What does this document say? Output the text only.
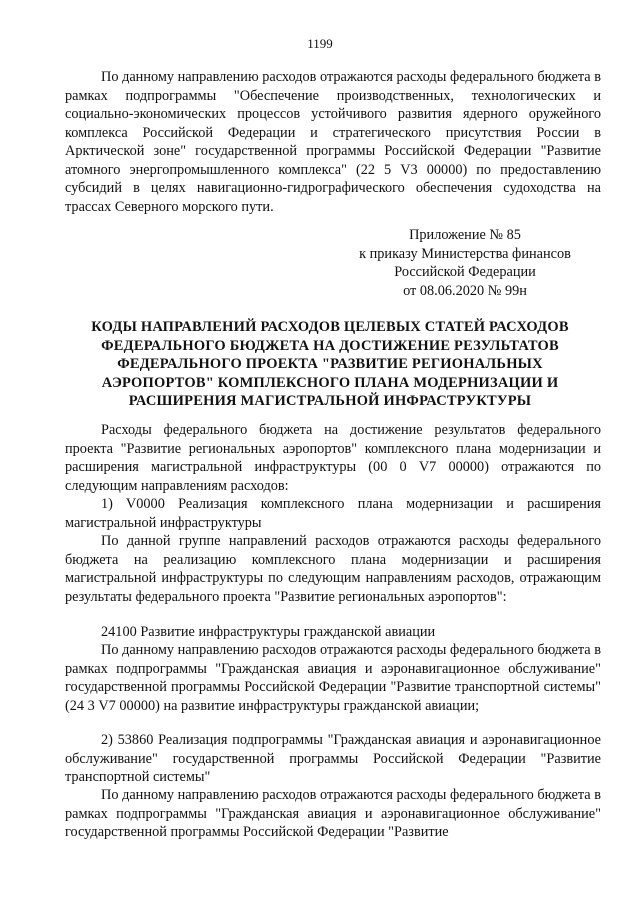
1199
По данному направлению расходов отражаются расходы федерального бюджета в рамках подпрограммы "Обеспечение производственных, технологических и социально-экономических процессов устойчивого развития ядерного оружейного комплекса Российской Федерации и стратегического присутствия России в Арктической зоне" государственной программы Российской Федерации "Развитие атомного энергопромышленного комплекса" (22 5 V3 00000) по предоставлению субсидий в целях навигационно-гидрографического обеспечения судоходства на трассах Северного морского пути.
Приложение № 85
к приказу Министерства финансов
Российской Федерации
от 08.06.2020 № 99н
КОДЫ НАПРАВЛЕНИЙ РАСХОДОВ ЦЕЛЕВЫХ СТАТЕЙ РАСХОДОВ ФЕДЕРАЛЬНОГО БЮДЖЕТА НА ДОСТИЖЕНИЕ РЕЗУЛЬТАТОВ ФЕДЕРАЛЬНОГО ПРОЕКТА "РАЗВИТИЕ РЕГИОНАЛЬНЫХ АЭРОПОРТОВ" КОМПЛЕКСНОГО ПЛАНА МОДЕРНИЗАЦИИ И РАСШИРЕНИЯ МАГИСТРАЛЬНОЙ ИНФРАСТРУКТУРЫ
Расходы федерального бюджета на достижение результатов федерального проекта "Развитие региональных аэропортов" комплексного плана модернизации и расширения магистральной инфраструктуры (00 0 V7 00000) отражаются по следующим направлениям расходов:
1) V0000 Реализация комплексного плана модернизации и расширения магистральной инфраструктуры
По данной группе направлений расходов отражаются расходы федерального бюджета на реализацию комплексного плана модернизации и расширения магистральной инфраструктуры по следующим направлениям расходов, отражающим результаты федерального проекта "Развитие региональных аэропортов":
24100 Развитие инфраструктуры гражданской авиации
По данному направлению расходов отражаются расходы федерального бюджета в рамках подпрограммы "Гражданская авиация и аэронавигационное обслуживание" государственной программы Российской Федерации "Развитие транспортной системы" (24 3 V7 00000) на развитие инфраструктуры гражданской авиации;
2) 53860 Реализация подпрограммы "Гражданская авиация и аэронавигационное обслуживание" государственной программы Российской Федерации "Развитие транспортной системы"
По данному направлению расходов отражаются расходы федерального бюджета в рамках подпрограммы "Гражданская авиация и аэронавигационное обслуживание" государственной программы Российской Федерации "Развитие
